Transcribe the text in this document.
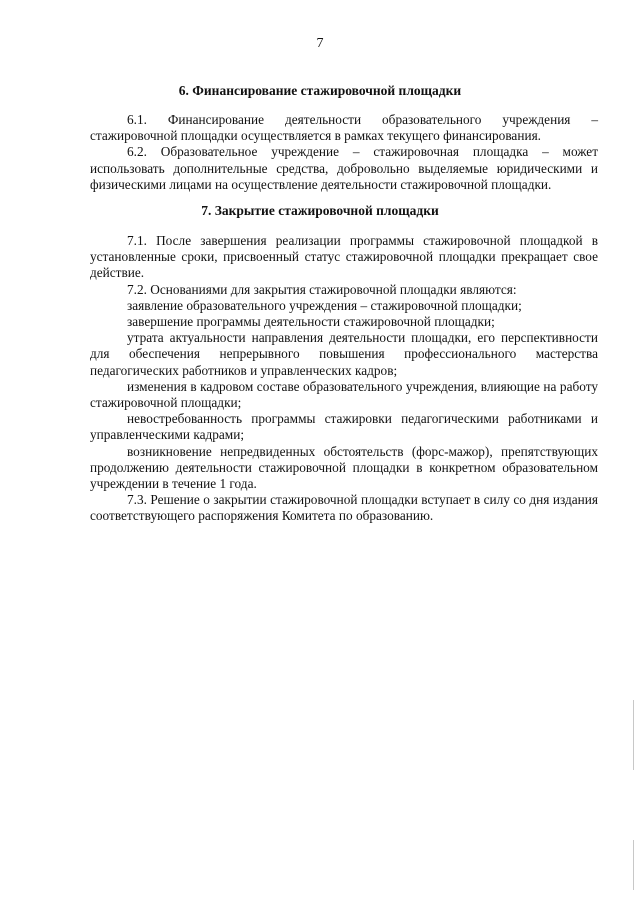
7
6. Финансирование стажировочной площадки

6.1. Финансирование деятельности образовательного учреждения – стажировочной площадки осуществляется в рамках текущего финансирования.

6.2. Образовательное учреждение – стажировочная площадка – может использовать дополнительные средства, добровольно выделяемые юридическими и физическими лицами на осуществление деятельности стажировочной площадки.

7. Закрытие стажировочной площадки

7.1. После завершения реализации программы стажировочной площадкой в установленные сроки, присвоенный статус стажировочной площадки прекращает свое действие.

7.2. Основаниями для закрытия стажировочной площадки являются:

заявление образовательного учреждения – стажировочной площадки;

завершение программы деятельности стажировочной площадки;

утрата актуальности направления деятельности площадки, его перспективности для обеспечения непрерывного повышения профессионального мастерства педагогических работников и управленческих кадров;

изменения в кадровом составе образовательного учреждения, влияющие на работу стажировочной площадки;

невостребованность программы стажировки педагогическими работниками и управленческими кадрами;

возникновение непредвиденных обстоятельств (форс-мажор), препятствующих продолжению деятельности стажировочной площадки в конкретном образовательном учреждении в течение 1 года.

7.3. Решение о закрытии стажировочной площадки вступает в силу со дня издания соответствующего распоряжения Комитета по образованию.
